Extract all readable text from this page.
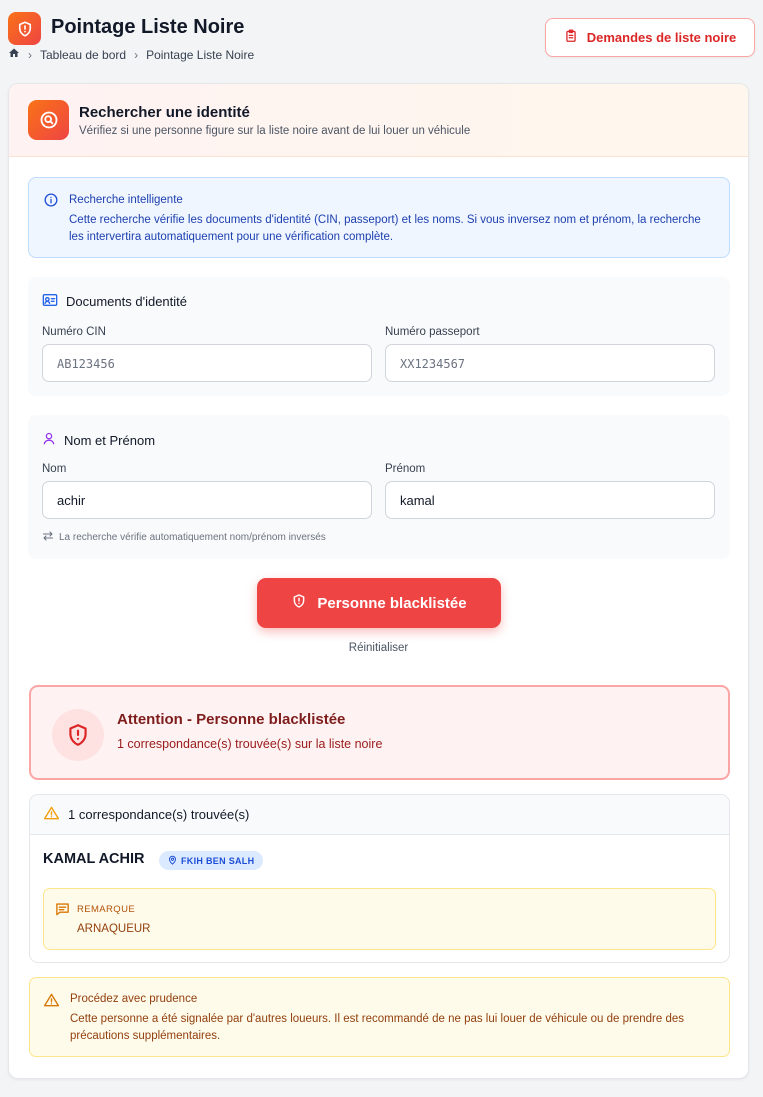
Pointage Liste Noire
› Tableau de bord › Pointage Liste Noire
Demandes de liste noire
Rechercher une identité
Vérifiez si une personne figure sur la liste noire avant de lui louer un véhicule
Recherche intelligente
Cette recherche vérifie les documents d'identité (CIN, passeport) et les noms. Si vous inversez nom et prénom, la recherche les intervertira automatiquement pour une vérification complète.
Documents d'identité
Numéro CIN
AB123456	Numéro passeport
XX1234567
Nom et Prénom
Nom
achir	Prénom
kamal
La recherche vérifie automatiquement nom/prénom inversés
Personne blacklistée
Réinitialiser
Attention - Personne blacklistée
1 correspondance(s) trouvée(s) sur la liste noire
1 correspondance(s) trouvée(s)
KAMAL ACHIR	FKIH BEN SALH
REMARQUE
ARNAQUEUR
Procédez avec prudence
Cette personne a été signalée par d'autres loueurs. Il est recommandé de ne pas lui louer de véhicule ou de prendre des précautions supplémentaires.
